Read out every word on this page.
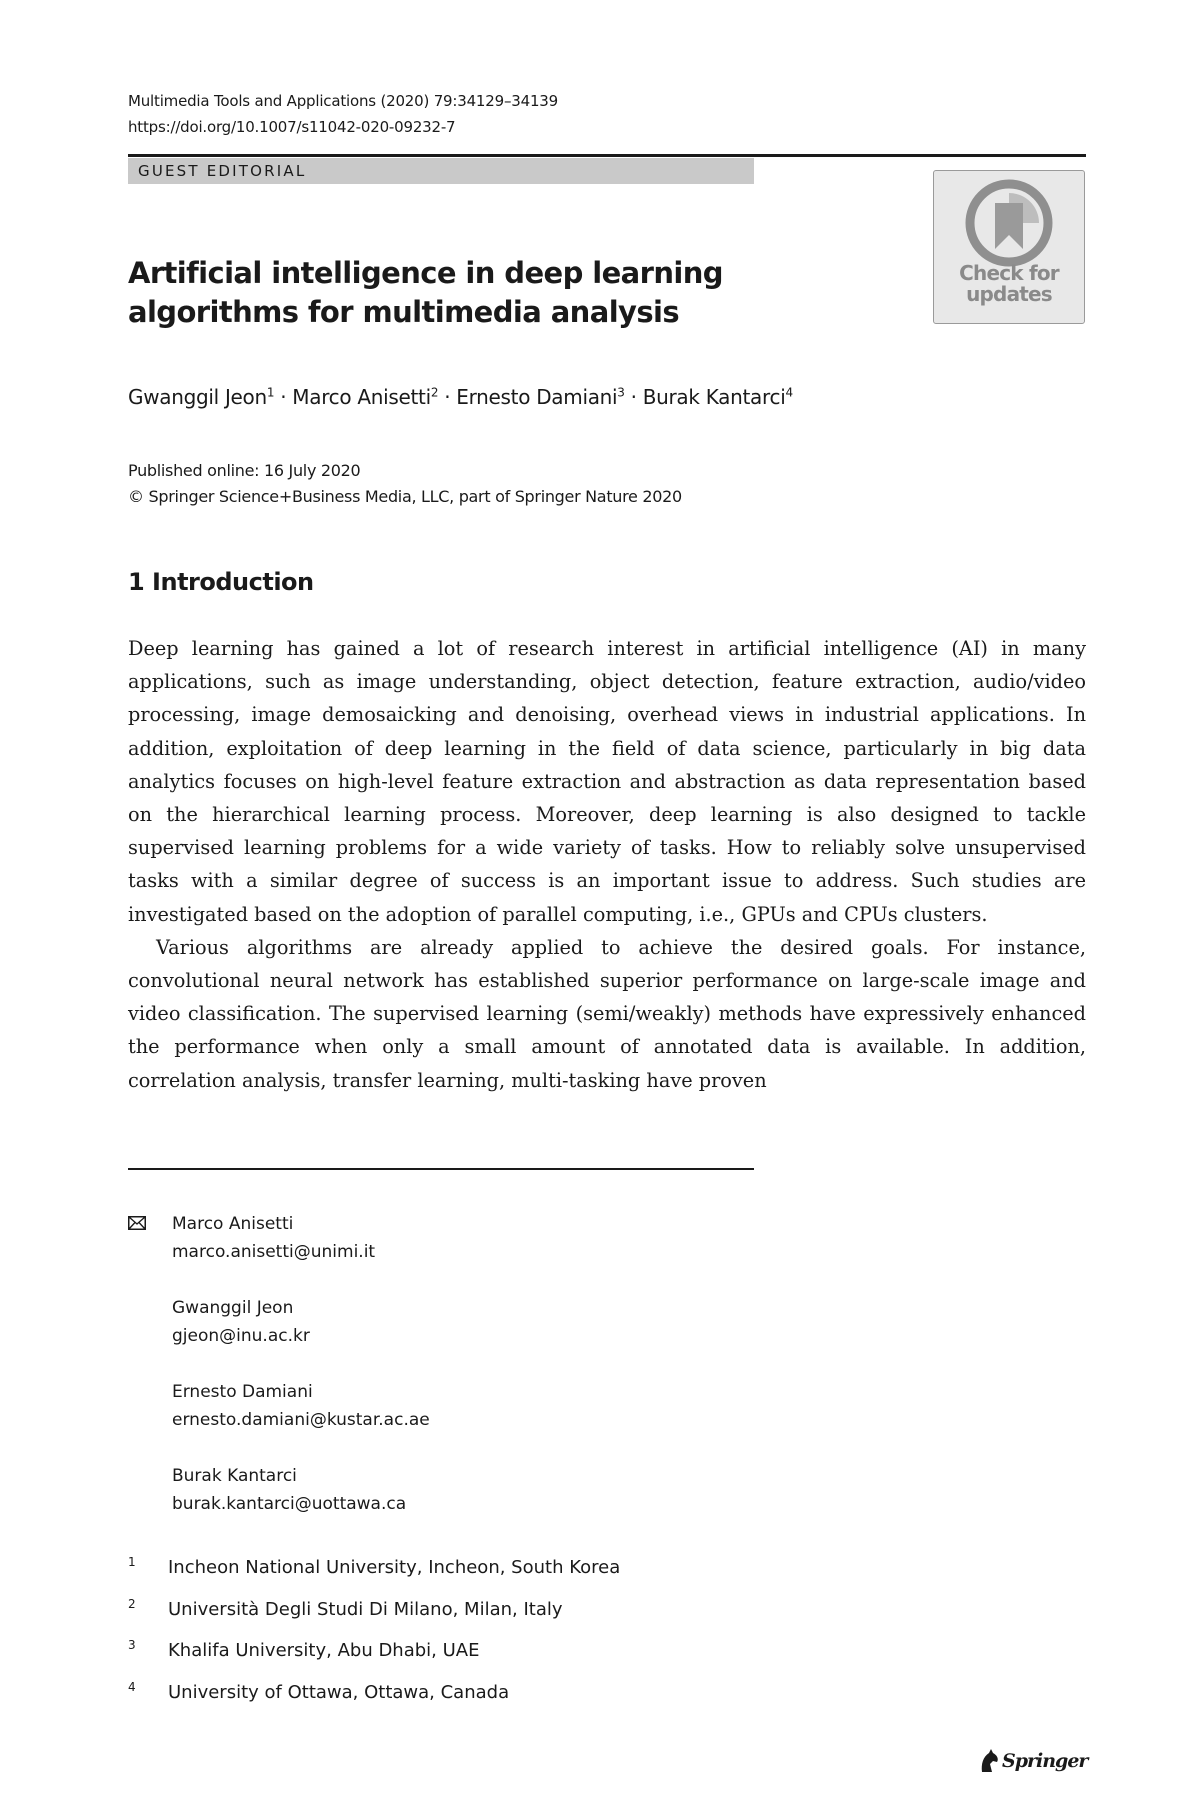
Multimedia Tools and Applications (2020) 79:34129–34139
https://doi.org/10.1007/s11042-020-09232-7
GUEST EDITORIAL
Check for
updates
Artificial intelligence in deep learning algorithms for multimedia analysis
Gwanggil Jeon$^1$ · Marco Anisetti$^2$ · Ernesto Damiani$^3$ · Burak Kantarci$^4$
Published online: 16 July 2020
© Springer Science+Business Media, LLC, part of Springer Nature 2020
1 Introduction

Deep learning has gained a lot of research interest in artificial intelligence (AI) in many applications, such as image understanding, object detection, feature extraction, audio/video processing, image demosaicking and denoising, overhead views in industrial applications. In addition, exploitation of deep learning in the field of data science, particularly in big data analytics focuses on high-level feature extraction and abstraction as data representation based on the hierarchical learning process. Moreover, deep learning is also designed to tackle supervised learning problems for a wide variety of tasks. How to reliably solve unsupervised tasks with a similar degree of success is an important issue to address. Such studies are investigated based on the adoption of parallel computing, i.e., GPUs and CPUs clusters.

Various algorithms are already applied to achieve the desired goals. For instance, convolutional neural network has established superior performance on large-scale image and video classification. The supervised learning (semi/weakly) methods have expressively enhanced the performance when only a small amount of annotated data is available. In addition, correlation analysis, transfer learning, multi-tasking have proven

Marco Anisetti
marco.anisetti@unimi.it
Gwanggil Jeon
gjeon@inu.ac.kr
Ernesto Damiani
ernesto.damiani@kustar.ac.ae
Burak Kantarci
burak.kantarci@uottawa.ca
1 Incheon National University, Incheon, South Korea
2 Università Degli Studi Di Milano, Milan, Italy
3 Khalifa University, Abu Dhabi, UAE
4 University of Ottawa, Ottawa, Canada
Springer
